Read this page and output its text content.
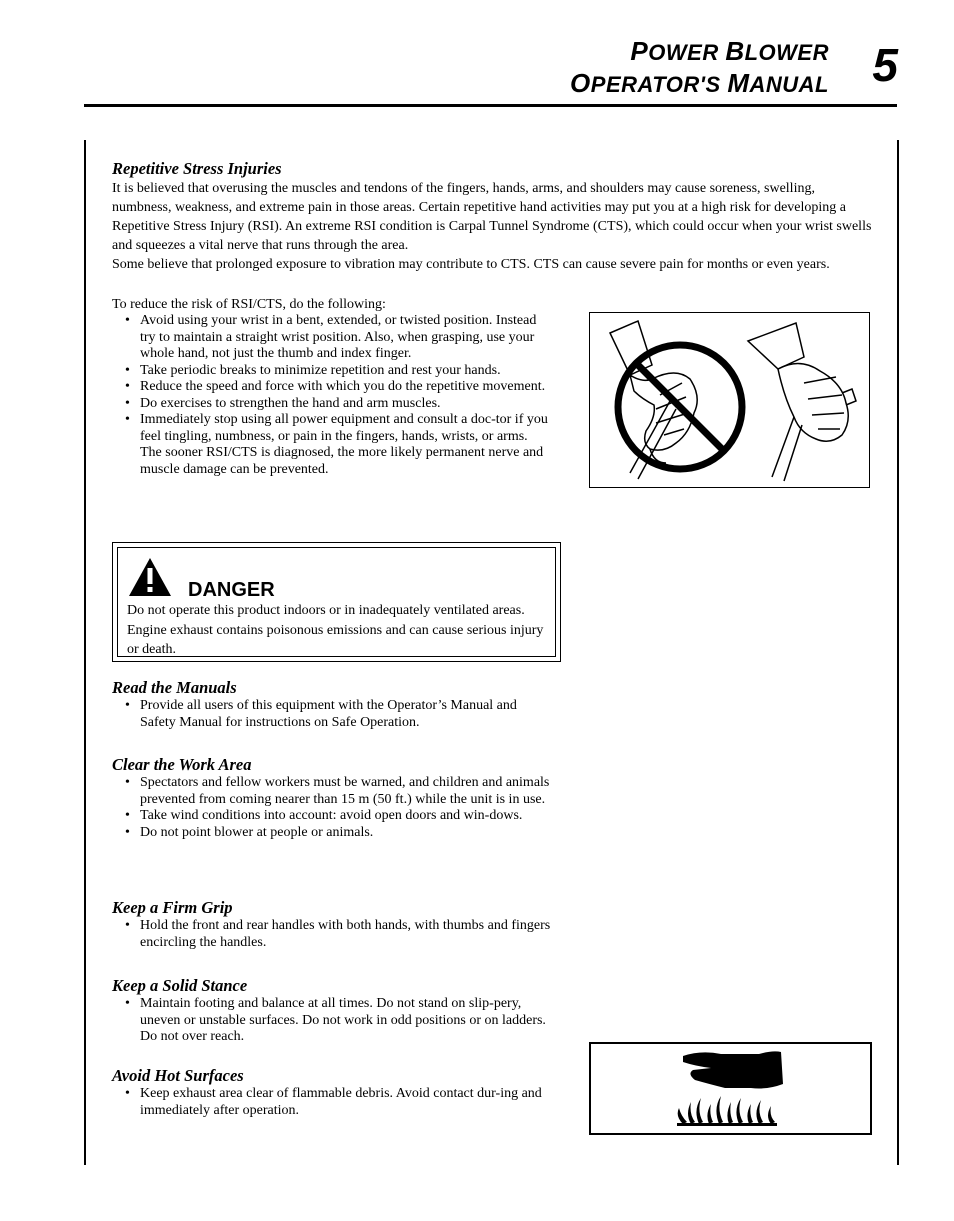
POWER BLOWER
OPERATOR'S MANUAL 5
Repetitive Stress Injuries

It is believed that overusing the muscles and tendons of the fingers, hands, arms, and shoulders may cause soreness, swelling, numbness, weakness, and extreme pain in those areas. Certain repetitive hand activities may put you at a high risk for developing a Repetitive Stress Injury (RSI). An extreme RSI condition is Carpal Tunnel Syndrome (CTS), which could occur when your wrist swells and squeezes a vital nerve that runs through the area.

Some believe that prolonged exposure to vibration may contribute to CTS. CTS can cause severe pain for months or even years.

To reduce the risk of RSI/CTS, do the following:

• Avoid using your wrist in a bent, extended, or twisted position. Instead try to maintain a straight wrist position. Also, when grasping, use your whole hand, not just the thumb and index finger.
• Take periodic breaks to minimize repetition and rest your hands.
• Reduce the speed and force with which you do the repetitive movement.
• Do exercises to strengthen the hand and arm muscles.
• Immediately stop using all power equipment and consult a doc-tor if you feel tingling, numbness, or pain in the fingers, hands, wrists, or arms. The sooner RSI/CTS is diagnosed, the more likely permanent nerve and muscle damage can be prevented.
DANGER
Do not operate this product indoors or in inadequately ventilated areas. Engine exhaust contains poisonous emissions and can cause serious injury or death.
Read the Manuals
• Provide all users of this equipment with the Operator’s Manual and Safety Manual for instructions on Safe Operation.
Clear the Work Area
• Spectators and fellow workers must be warned, and children and animals prevented from coming nearer than 15 m (50 ft.) while the unit is in use.
• Take wind conditions into account: avoid open doors and win-dows.
• Do not point blower at people or animals.
Keep a Firm Grip
• Hold the front and rear handles with both hands, with thumbs and fingers encircling the handles.
Keep a Solid Stance
• Maintain footing and balance at all times. Do not stand on slip-pery, uneven or unstable surfaces. Do not work in odd positions or on ladders. Do not over reach.
Avoid Hot Surfaces
• Keep exhaust area clear of flammable debris. Avoid contact dur-ing and immediately after operation.
